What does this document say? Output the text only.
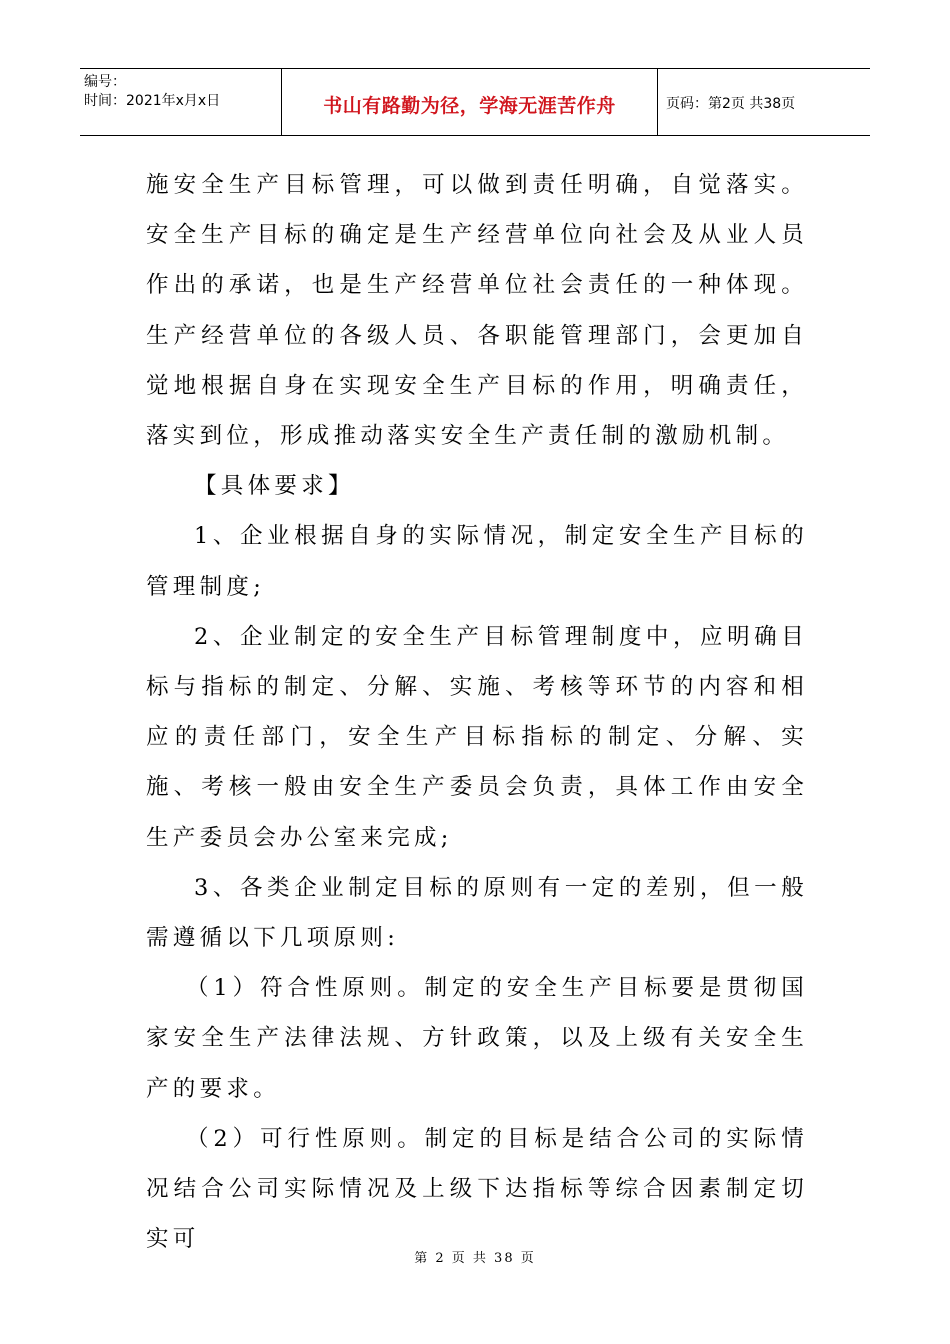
编号：
时间：2021年x月x日	书山有路勤为径，学海无涯苦作舟	页码：第2页 共38页

施安全生产目标管理，可以做到责任明确，自觉落实。安全生产目标的确定是生产经营单位向社会及从业人员作出的承诺，也是生产经营单位社会责任的一种体现。生产经营单位的各级人员、各职能管理部门，会更加自觉地根据自身在实现安全生产目标的作用，明确责任，落实到位，形成推动落实安全生产责任制的激励机制。

【具体要求】

1、企业根据自身的实际情况，制定安全生产目标的管理制度;

2、企业制定的安全生产目标管理制度中，应明确目标与指标的制定、分解、实施、考核等环节的内容和相应的责任部门，安全生产目标指标的制定、分解、实施、考核一般由安全生产委员会负责，具体工作由安全生产委员会办公室来完成;

3、各类企业制定目标的原则有一定的差别，但一般需遵循以下几项原则:

（1）符合性原则。制定的安全生产目标要是贯彻国家安全生产法律法规、方针政策，以及上级有关安全生产的要求。

（2）可行性原则。制定的目标是结合公司的实际情况结合公司实际情况及上级下达指标等综合因素制定切实可

第 2 页 共 38 页
